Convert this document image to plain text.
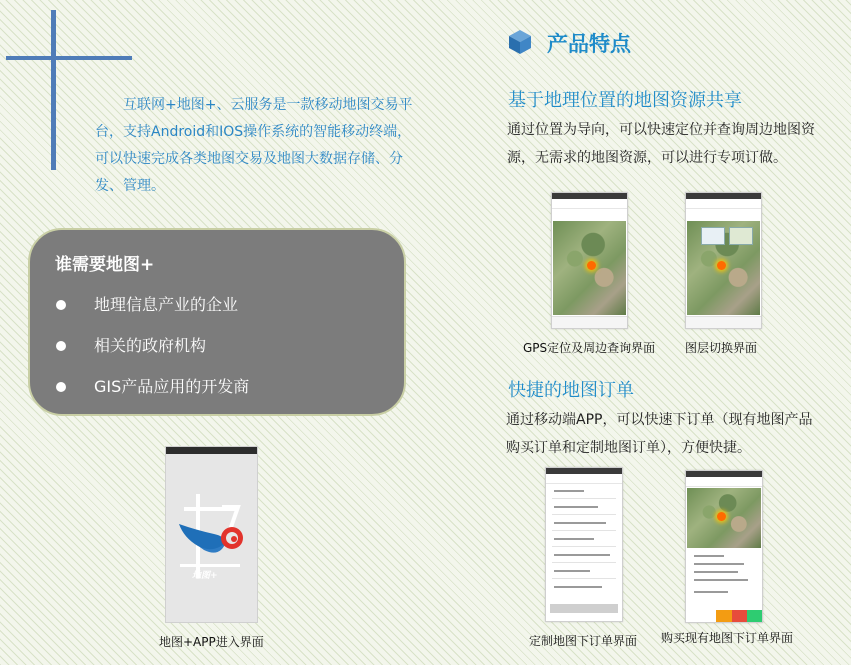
互联网+地图+、云服务是一款移动地图交易平台，支持Android和IOS操作系统的智能移动终端，可以快速完成各类地图交易及地图大数据存储、分发、管理。

谁需要地图+
地理信息产业的企业
相关的政府机构
GIS产品应用的开发商
地图+
地图+APP进入界面
产品特点
基于地理位置的地图资源共享

通过位置为导向，可以快速定位并查询周边地图资源，无需求的地图资源，可以进行专项订做。

GPS定位及周边查询界面 图层切换界面
快捷的地图订单

通过移动端APP，可以快速下订单（现有地图产品购买订单和定制地图订单），方便快捷。

定制地图下订单界面 购买现有地图下订单界面
